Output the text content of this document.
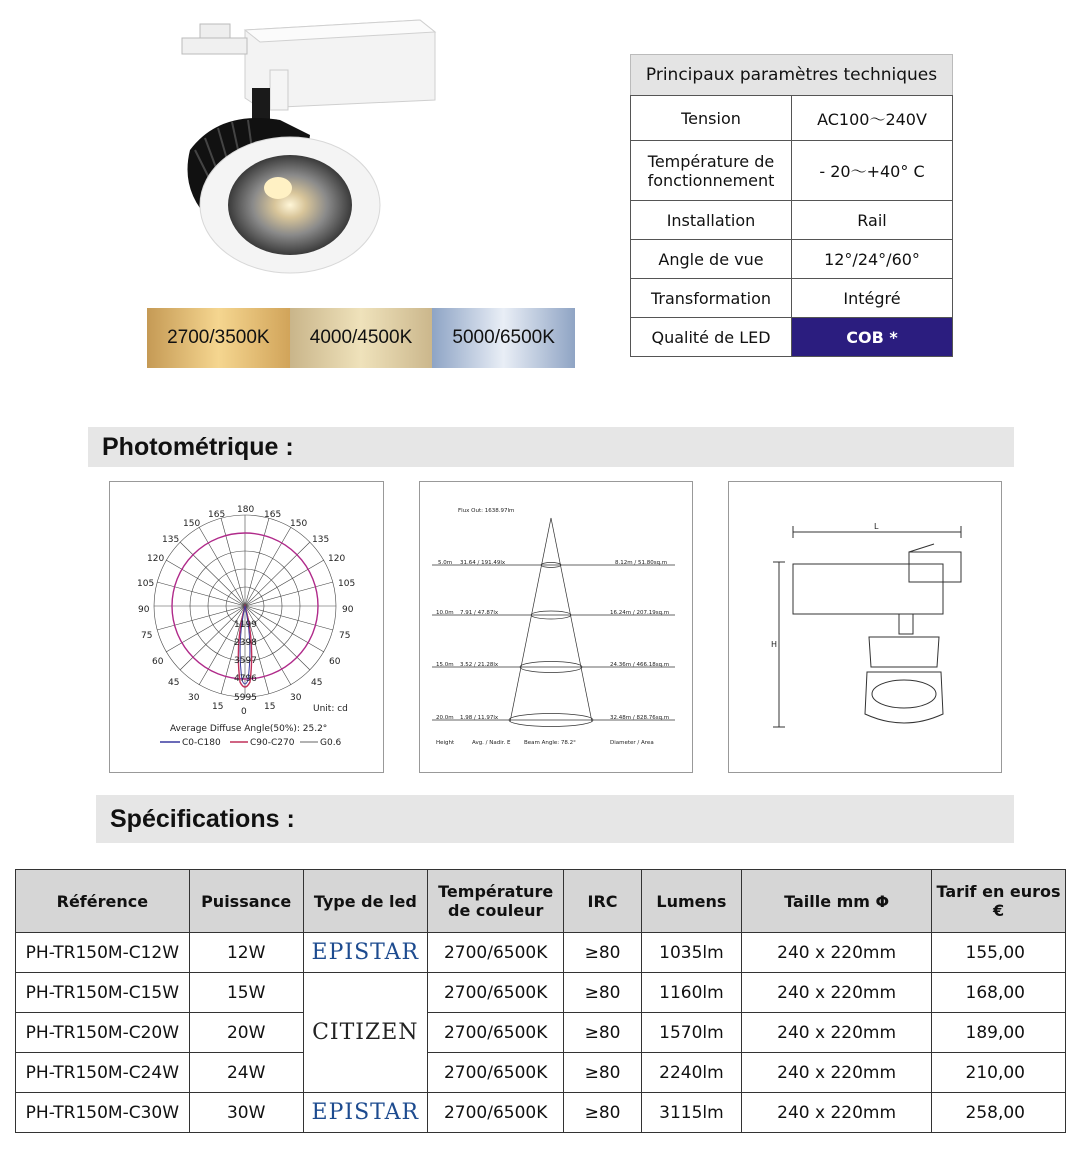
2700/3500K	4000/4500K	5000/6500K
Principaux paramètres techniques
Tension	AC100～240V
Température de fonctionnement	- 20～+40° C
Installation	Rail
Angle de vue	12°/24°/60°
Transformation	Intégré
Qualité de LED	COB *
Photométrique :
180
165	165
150	150
135	135
120	120
105	105
90	90
75	75
60	60
45	45
30	30
15	15
0
1199
2398
3597
4796
5995
Unit: cd
Average Diffuse Angle(50%): 25.2°
C0-C180	C90-C270	G0.6
Flux Out: 1638.97lm
5.0m 31.64 / 191.49lx	8.12m / 51.80sq.m
10.0m 7.91 / 47.87lx	16.24m / 207.19sq.m
15.0m 3.52 / 21.28lx	24.36m / 466.18sq.m
20.0m 1.98 / 11.97lx	32.48m / 828.76sq.m
Height	Avg. / Nadir. E Beam Angle: 78.2°	Diameter / Area
L
H
Spécifications :
Référence	Puissance	Type de led	Température de couleur	IRC	Lumens	Taille mm Φ	Tarif en euros €
PH-TR150M-C12W	12W	EPISTAR	2700/6500K	≥80	1035lm	240 x 220mm	155,00
PH-TR150M-C15W	15W		2700/6500K	≥80	1160lm	240 x 220mm	168,00
PH-TR150M-C20W	20W	CITIZEN	2700/6500K	≥80	1570lm	240 x 220mm	189,00
PH-TR150M-C24W	24W		2700/6500K	≥80	2240lm	240 x 220mm	210,00
PH-TR150M-C30W	30W	EPISTAR	2700/6500K	≥80	3115lm	240 x 220mm	258,00
